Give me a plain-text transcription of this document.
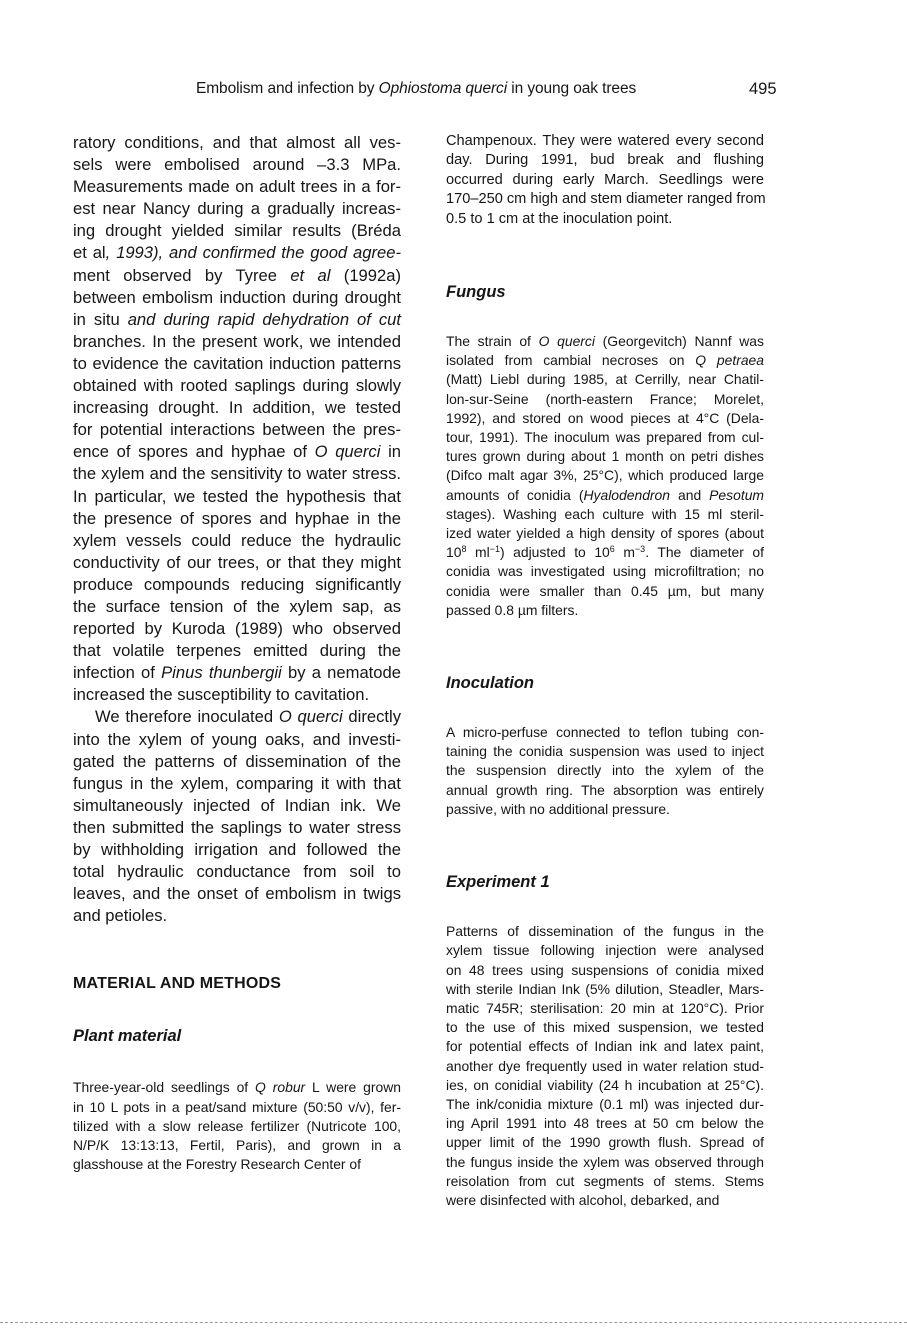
Embolism and infection by Ophiostoma querci in young oak trees	495

ratory conditions, and that almost all ves-
sels were embolised around –3.3 MPa.
Measurements made on adult trees in a for-
est near Nancy during a gradually increas-
ing drought yielded similar results (Bréda
et al, 1993), and confirmed the good agree-
ment observed by Tyree et al (1992a)
between embolism induction during drought
in situ and during rapid dehydration of cut
branches. In the present work, we intended
to evidence the cavitation induction patterns
obtained with rooted saplings during slowly
increasing drought. In addition, we tested
for potential interactions between the pres-
ence of spores and hyphae of O querci in
the xylem and the sensitivity to water stress.
In particular, we tested the hypothesis that
the presence of spores and hyphae in the
xylem vessels could reduce the hydraulic
conductivity of our trees, or that they might
produce compounds reducing significantly
the surface tension of the xylem sap, as
reported by Kuroda (1989) who observed
that volatile terpenes emitted during the
infection of Pinus thunbergii by a nematode
increased the susceptibility to cavitation.

We therefore inoculated O querci directly
into the xylem of young oaks, and investi-
gated the patterns of dissemination of the
fungus in the xylem, comparing it with that
simultaneously injected of Indian ink. We
then submitted the saplings to water stress
by withholding irrigation and followed the
total hydraulic conductance from soil to
leaves, and the onset of embolism in twigs
and petioles.

MATERIAL AND METHODS
Plant material

Three-year-old seedlings of Q robur L were grown
in 10 L pots in a peat/sand mixture (50:50 v/v), fer-
tilized with a slow release fertilizer (Nutricote 100,
N/P/K 13:13:13, Fertil, Paris), and grown in a
glasshouse at the Forestry Research Center of

Champenoux. They were watered every second
day. During 1991, bud break and flushing
occurred during early March. Seedlings were
170–250 cm high and stem diameter ranged from
0.5 to 1 cm at the inoculation point.

Fungus

The strain of O querci (Georgevitch) Nannf was
isolated from cambial necroses on Q petraea
(Matt) Liebl during 1985, at Cerrilly, near Chatil-
lon-sur-Seine (north-eastern France; Morelet,
1992), and stored on wood pieces at 4°C (Dela-
tour, 1991). The inoculum was prepared from cul-
tures grown during about 1 month on petri dishes
(Difco malt agar 3%, 25°C), which produced large
amounts of conidia (Hyalodendron and Pesotum
stages). Washing each culture with 15 ml steril-
ized water yielded a high density of spores (about
$10^8$ $ml^{-1}$) adjusted to $10^6$ $m^{-3}$. The diameter of
conidia was investigated using microfiltration; no
conidia were smaller than 0.45 µm, but many
passed 0.8 µm filters.

Inoculation

A micro-perfuse connected to teflon tubing con-
taining the conidia suspension was used to inject
the suspension directly into the xylem of the
annual growth ring. The absorption was entirely
passive, with no additional pressure.

Experiment 1

Patterns of dissemination of the fungus in the
xylem tissue following injection were analysed
on 48 trees using suspensions of conidia mixed
with sterile Indian Ink (5% dilution, Steadler, Mars-
matic 745R; sterilisation: 20 min at 120°C). Prior
to the use of this mixed suspension, we tested
for potential effects of Indian ink and latex paint,
another dye frequently used in water relation stud-
ies, on conidial viability (24 h incubation at 25°C).
The ink/conidia mixture (0.1 ml) was injected dur-
ing April 1991 into 48 trees at 50 cm below the
upper limit of the 1990 growth flush. Spread of
the fungus inside the xylem was observed through
reisolation from cut segments of stems. Stems
were disinfected with alcohol, debarked, and
